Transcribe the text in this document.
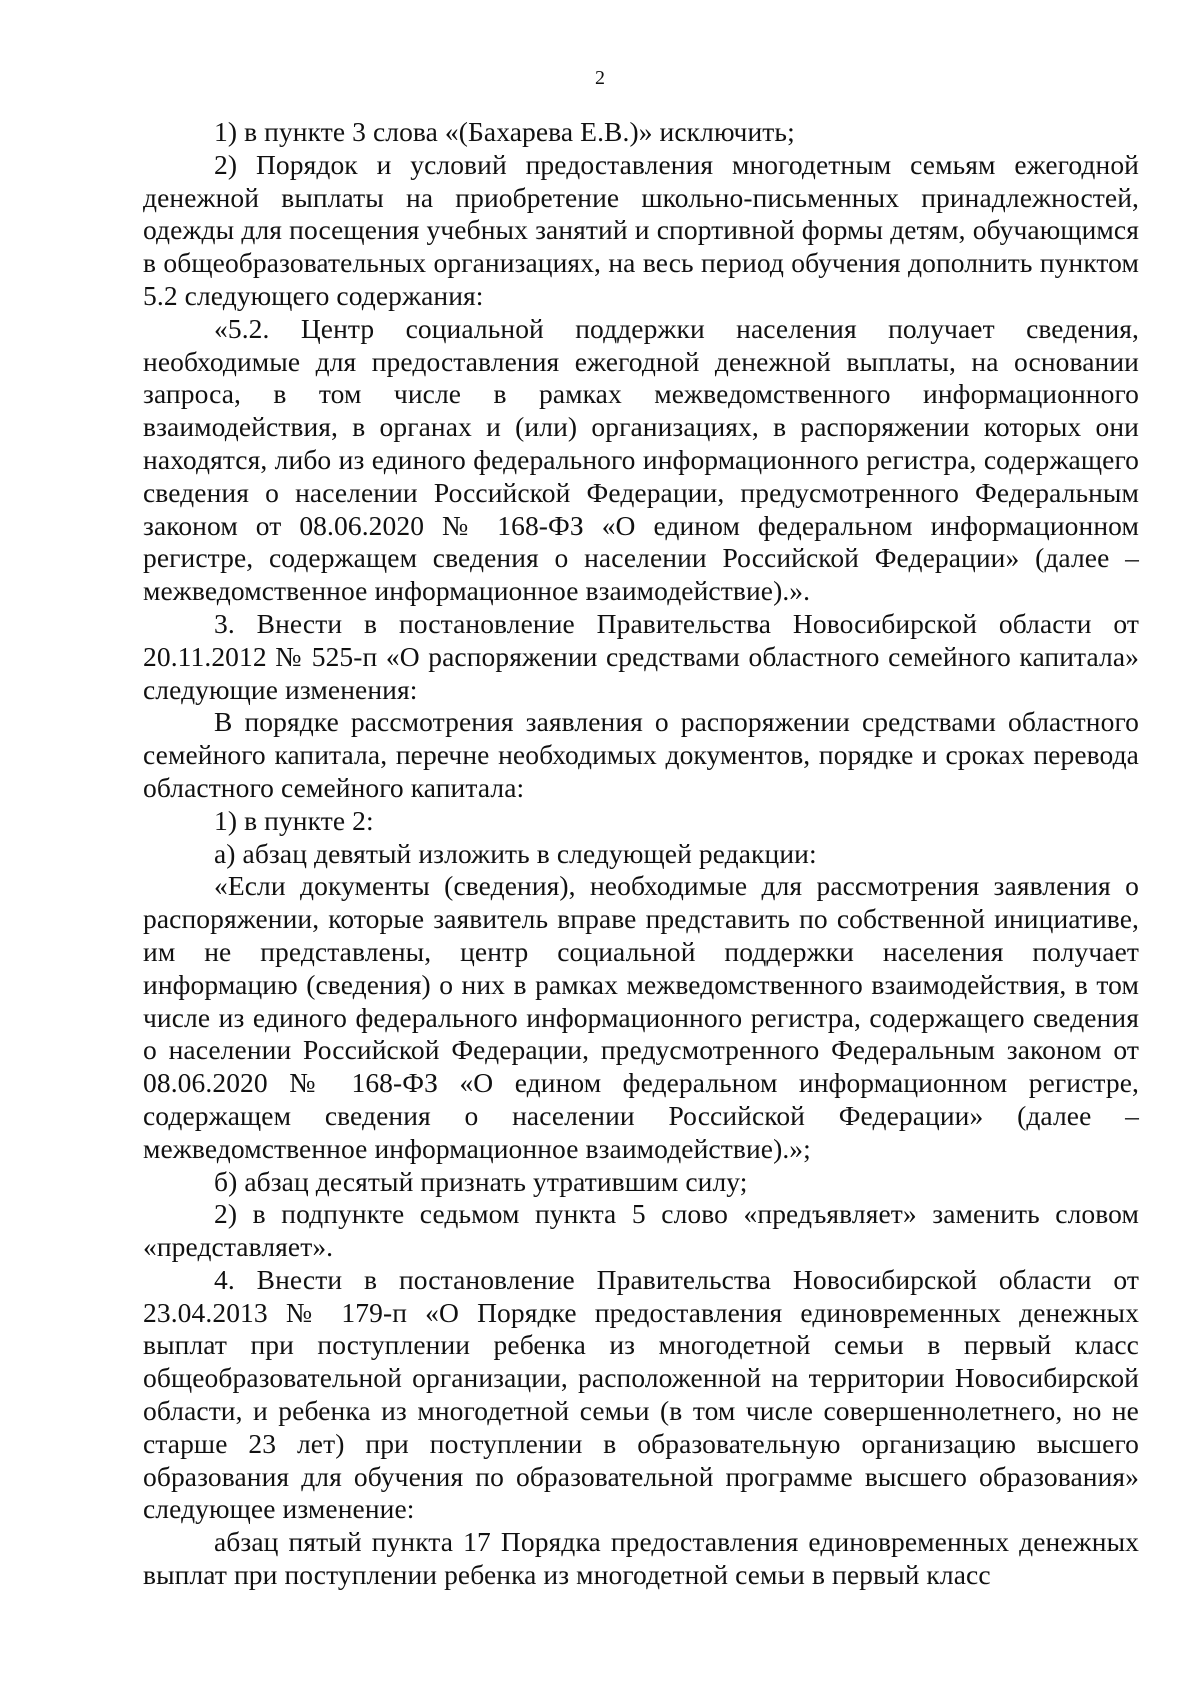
2

1) в пункте 3 слова «(Бахарева Е.В.)» исключить;

2) Порядок и условий предоставления многодетным семьям ежегодной денежной выплаты на приобретение школьно-письменных принадлежностей, одежды для посещения учебных занятий и спортивной формы детям, обучающимся в общеобразовательных организациях, на весь период обучения дополнить пунктом 5.2 следующего содержания:

«5.2. Центр социальной поддержки населения получает сведения, необходимые для предоставления ежегодной денежной выплаты, на основании запроса, в том числе в рамках межведомственного информационного взаимодействия, в органах и (или) организациях, в распоряжении которых они находятся, либо из единого федерального информационного регистра, содержащего сведения о населении Российской Федерации, предусмотренного Федеральным законом от 08.06.2020 № 168-ФЗ «О едином федеральном информационном регистре, содержащем сведения о населении Российской Федерации» (далее – межведомственное информационное взаимодействие).».

3. Внести в постановление Правительства Новосибирской области от 20.11.2012 № 525-п «О распоряжении средствами областного семейного капитала» следующие изменения:

В порядке рассмотрения заявления о распоряжении средствами областного семейного капитала, перечне необходимых документов, порядке и сроках перевода областного семейного капитала:

1) в пункте 2:

а) абзац девятый изложить в следующей редакции:

«Если документы (сведения), необходимые для рассмотрения заявления о распоряжении, которые заявитель вправе представить по собственной инициативе, им не представлены, центр социальной поддержки населения получает информацию (сведения) о них в рамках межведомственного взаимодействия, в том числе из единого федерального информационного регистра, содержащего сведения о населении Российской Федерации, предусмотренного Федеральным законом от 08.06.2020 № 168-ФЗ «О едином федеральном информационном регистре, содержащем сведения о населении Российской Федерации» (далее – межведомственное информационное взаимодействие).»;

б) абзац десятый признать утратившим силу;

2) в подпункте седьмом пункта 5 слово «предъявляет» заменить словом «представляет».

4. Внести в постановление Правительства Новосибирской области от 23.04.2013 № 179-п «О Порядке предоставления единовременных денежных выплат при поступлении ребенка из многодетной семьи в первый класс общеобразовательной организации, расположенной на территории Новосибирской области, и ребенка из многодетной семьи (в том числе совершеннолетнего, но не старше 23 лет) при поступлении в образовательную организацию высшего образования для обучения по образовательной программе высшего образования» следующее изменение:

абзац пятый пункта 17 Порядка предоставления единовременных денежных выплат при поступлении ребенка из многодетной семьи в первый класс
